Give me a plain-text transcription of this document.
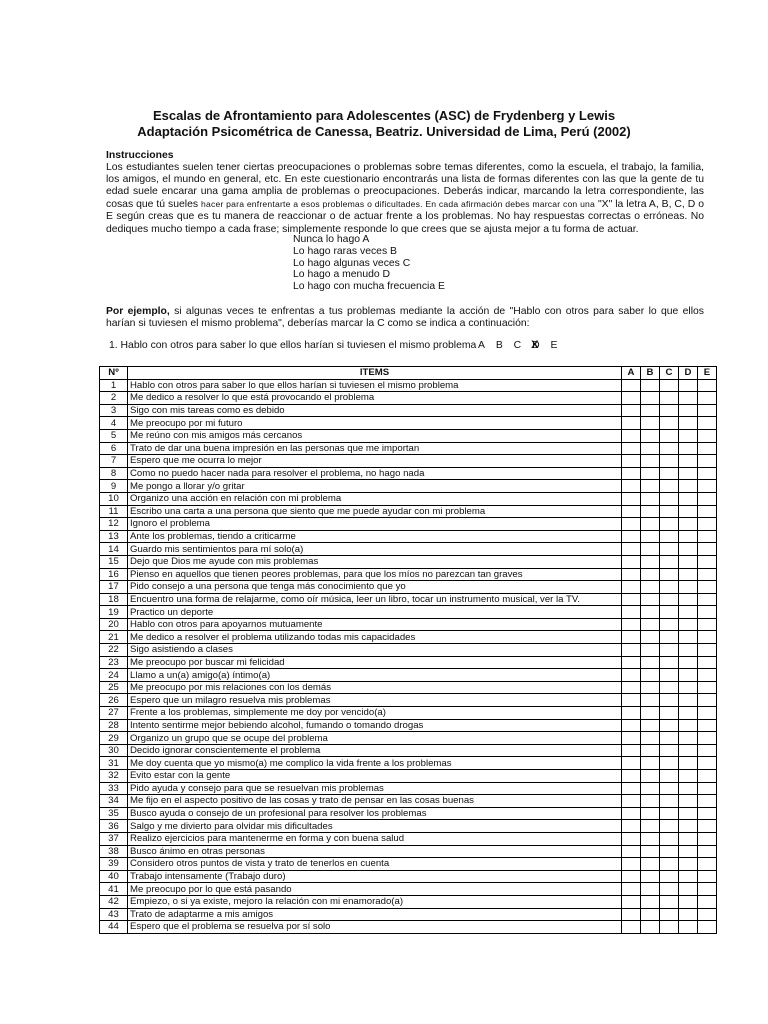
Escalas de Afrontamiento para Adolescentes (ASC) de Frydenberg y Lewis
Adaptación Psicométrica de Canessa, Beatriz. Universidad de Lima, Perú (2002)
Instrucciones
Los estudiantes suelen tener ciertas preocupaciones o problemas sobre temas diferentes, como la escuela, el trabajo, la familia, los amigos, el mundo en general, etc. En este cuestionario encontrarás una lista de formas diferentes con las que la gente de tu edad suele encarar una gama amplia de problemas o preocupaciones. Deberás indicar, marcando la letra correspondiente, las cosas que tú sueles hacer para enfrentarte a esos problemas o dificultades. En cada afirmación debes marcar con una "X" la letra A, B, C, D o E según creas que es tu manera de reaccionar o de actuar frente a los problemas. No hay respuestas correctas o erróneas. No dediques mucho tiempo a cada frase; simplemente responde lo que crees que se ajusta mejor a tu forma de actuar.
Nunca lo hago A
Lo hago raras veces B
Lo hago algunas veces C
Lo hago a menudo D
Lo hago con mucha frecuencia E
Por ejemplo, si algunas veces te enfrentas a tus problemas mediante la acción de "Hablo con otros para saber lo que ellos harían si tuviesen el mismo problema", deberías marcar la C como se indica a continuación:
1. Hablo con otros para saber lo que ellos harían si tuviesen el mismo problema A B C X D E
Nº	ITEMS	A	B	C	D	E
1	Hablo con otros para saber lo que ellos harían si tuviesen el mismo problema					
2	Me dedico a resolver lo que está provocando el problema					
3	Sigo con mis tareas como es debido					
4	Me preocupo por mi futuro					
5	Me reúno con mis amigos más cercanos					
6	Trato de dar una buena impresión en las personas que me importan					
7	Espero que me ocurra lo mejor					
8	Como no puedo hacer nada para resolver el problema, no hago nada					
9	Me pongo a llorar y/o gritar					
10	Organizo una acción en relación con mi problema					
11	Escribo una carta a una persona que siento que me puede ayudar con mi problema					
12	Ignoro el problema					
13	Ante los problemas, tiendo a criticarme					
14	Guardo mis sentimientos para mí solo(a)					
15	Dejo que Dios me ayude con mis problemas					
16	Pienso en aquellos que tienen peores problemas, para que los míos no parezcan tan graves					
17	Pido consejo a una persona que tenga más conocimiento que yo					
18	Encuentro una forma de relajarme, como oír música, leer un libro, tocar un instrumento musical, ver la TV.					
19	Practico un deporte					
20	Hablo con otros para apoyarnos mutuamente					
21	Me dedico a resolver el problema utilizando todas mis capacidades					
22	Sigo asistiendo a clases					
23	Me preocupo por buscar mi felicidad					
24	Llamo a un(a) amigo(a) íntimo(a)					
25	Me preocupo por mis relaciones con los demás					
26	Espero que un milagro resuelva mis problemas					
27	Frente a los problemas, simplemente me doy por vencido(a)					
28	Intento sentirme mejor bebiendo alcohol, fumando o tomando drogas					
29	Organizo un grupo que se ocupe del problema					
30	Decido ignorar conscientemente el problema					
31	Me doy cuenta que yo mismo(a) me complico la vida frente a los problemas					
32	Evito estar con la gente					
33	Pido ayuda y consejo para que se resuelvan mis problemas					
34	Me fijo en el aspecto positivo de las cosas y trato de pensar en las cosas buenas					
35	Busco ayuda o consejo de un profesional para resolver los problemas					
36	Salgo y me divierto para olvidar mis dificultades					
37	Realizo ejercicios para mantenerme en forma y con buena salud					
38	Busco ánimo en otras personas					
39	Considero otros puntos de vista y trato de tenerlos en cuenta					
40	Trabajo intensamente (Trabajo duro)					
41	Me preocupo por lo que está pasando					
42	Empiezo, o si ya existe, mejoro la relación con mi enamorado(a)					
43	Trato de adaptarme a mis amigos					
44	Espero que el problema se resuelva por sí solo					
